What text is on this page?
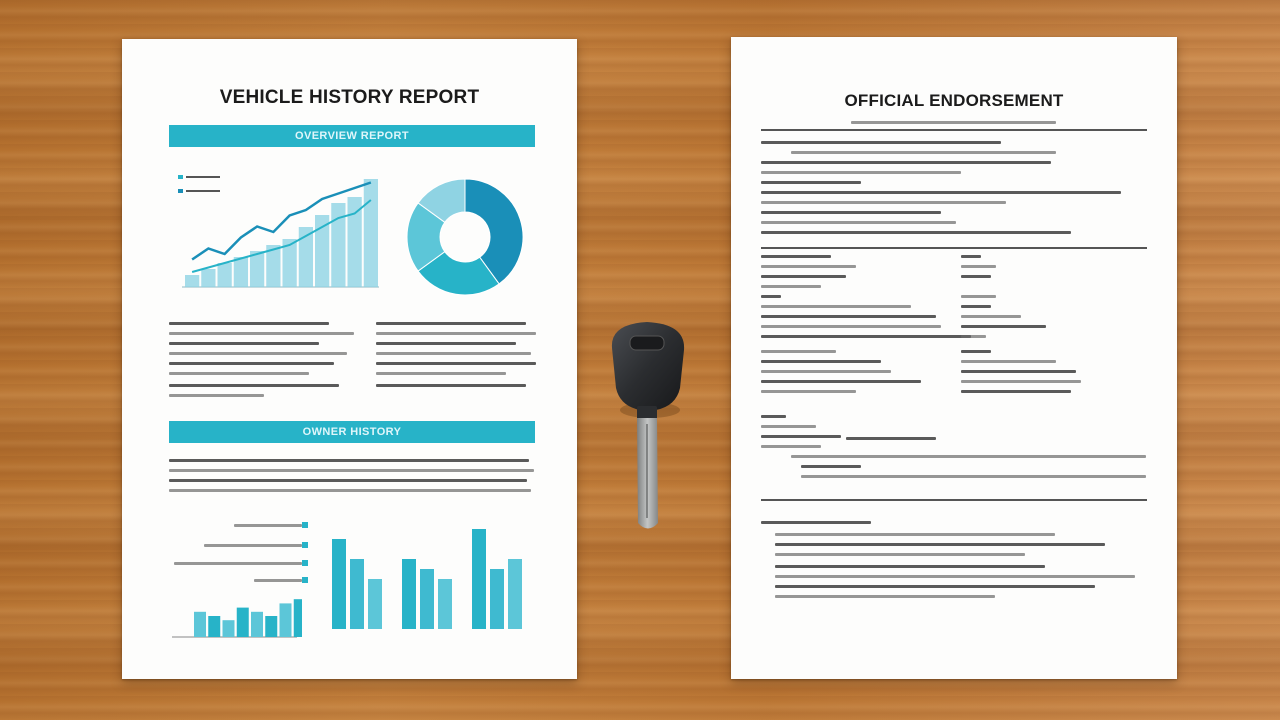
VEHICLE HISTORY REPORT
OVERVIEW REPORT
OWNER HISTORY
OFFICIAL ENDORSEMENT
